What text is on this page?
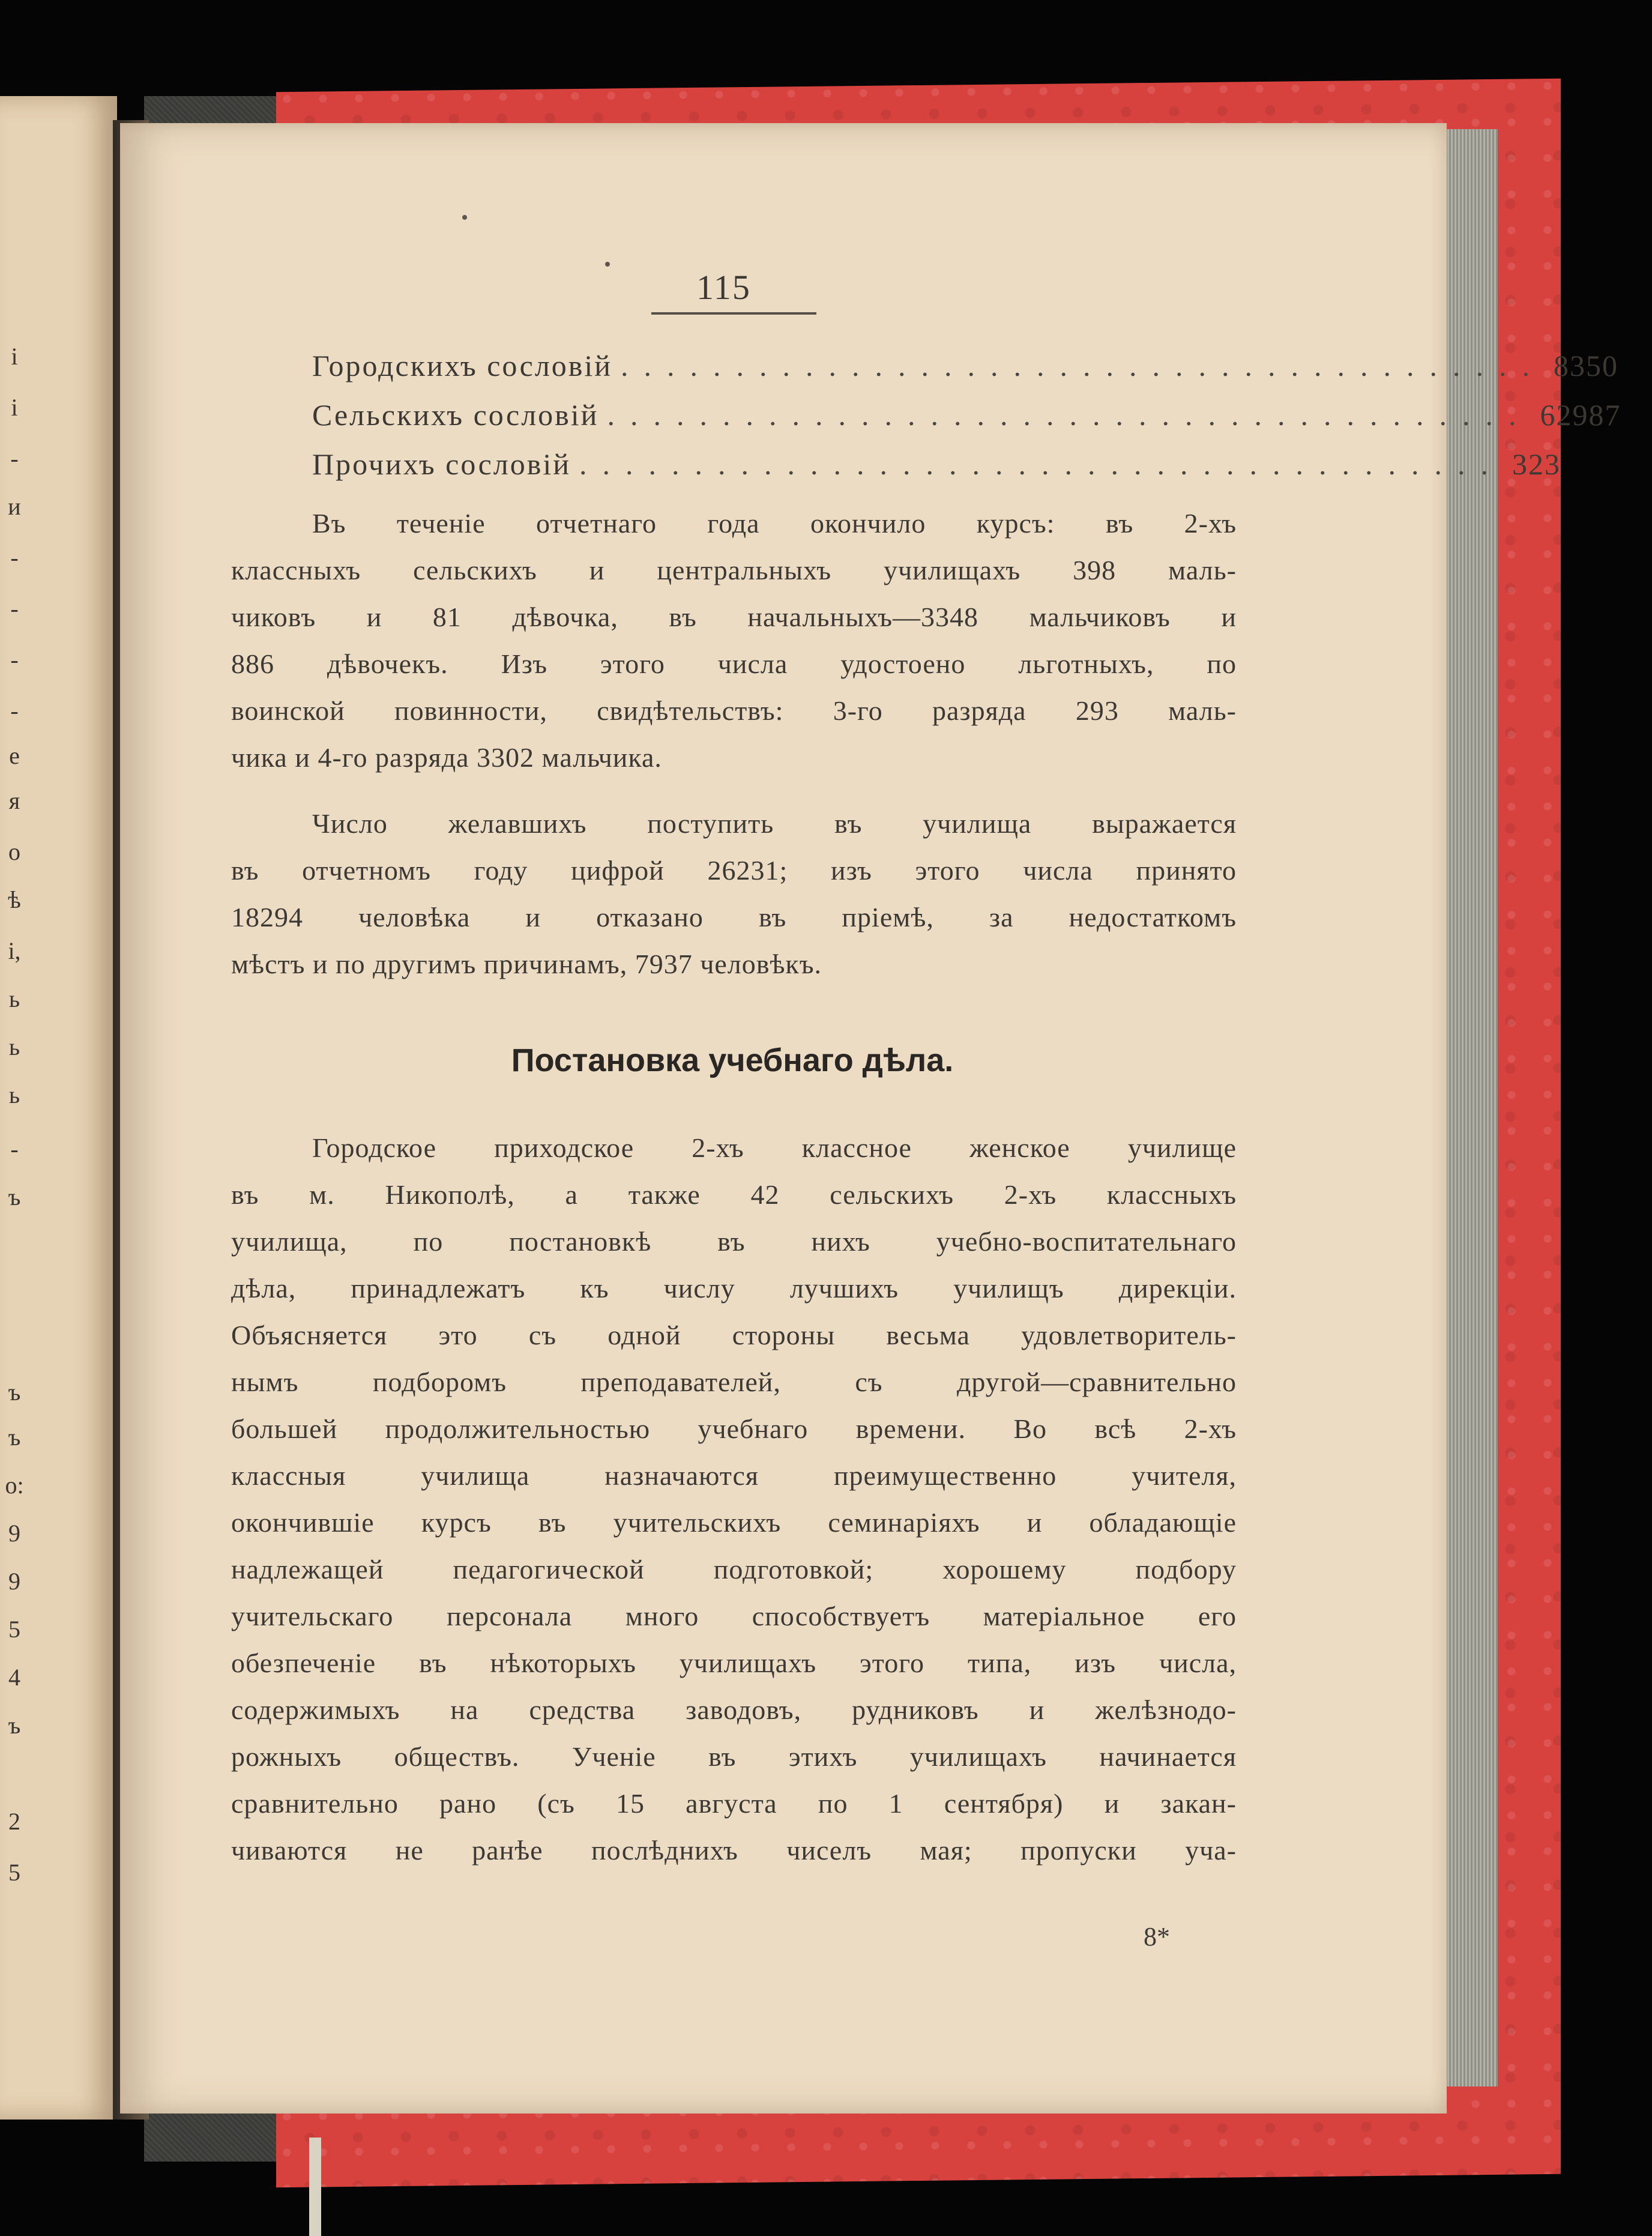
і
і
-
и
-
-
-
-
е
я
о
ѣ
і,
ь
ь
ь
-
ъ
ъ
ъ
о:
9
9
5
4
ъ
2
5
115
Городскихъ сословій ........................................ 8350
Сельскихъ сословій ........................................ 62987
Прочихъ сословій ........................................ 323
Въ теченіе отчетнаго года окончило курсъ: въ 2-хъ
классныхъ сельскихъ и центральныхъ училищахъ 398 маль-
чиковъ и 81 дѣвочка, въ начальныхъ—3348 мальчиковъ и
886 дѣвочекъ. Изъ этого числа удостоено льготныхъ, по
воинской повинности, свидѣтельствъ: 3-го разряда 293 маль-
чика и 4-го разряда 3302 мальчика.
Число желавшихъ поступить въ училища выражается
въ отчетномъ году цифрой 26231; изъ этого числа принято
18294 человѣка и отказано въ пріемѣ, за недостаткомъ
мѣстъ и по другимъ причинамъ, 7937 человѣкъ.
Постановка учебнаго дѣла.
Городское приходское 2-хъ классное женское училище
въ м. Никополѣ, а также 42 сельскихъ 2-хъ классныхъ
училища, по постановкѣ въ нихъ учебно-воспитательнаго
дѣла, принадлежатъ къ числу лучшихъ училищъ дирекціи.
Объясняется это съ одной стороны весьма удовлетворитель-
нымъ подборомъ преподавателей, съ другой—сравнительно
большей продолжительностью учебнаго времени. Во всѣ 2-хъ
классныя училища назначаются преимущественно учителя,
окончившіе курсъ въ учительскихъ семинаріяхъ и обладающіе
надлежащей педагогической подготовкой; хорошему подбору
учительскаго персонала много способствуетъ матеріальное его
обезпеченіе въ нѣкоторыхъ училищахъ этого типа, изъ числа,
содержимыхъ на средства заводовъ, рудниковъ и желѣзнодо-
рожныхъ обществъ. Ученіе въ этихъ училищахъ начинается
сравнительно рано (съ 15 августа по 1 сентября) и закан-
чиваются не ранѣе послѣднихъ чиселъ мая; пропуски уча-
8*
